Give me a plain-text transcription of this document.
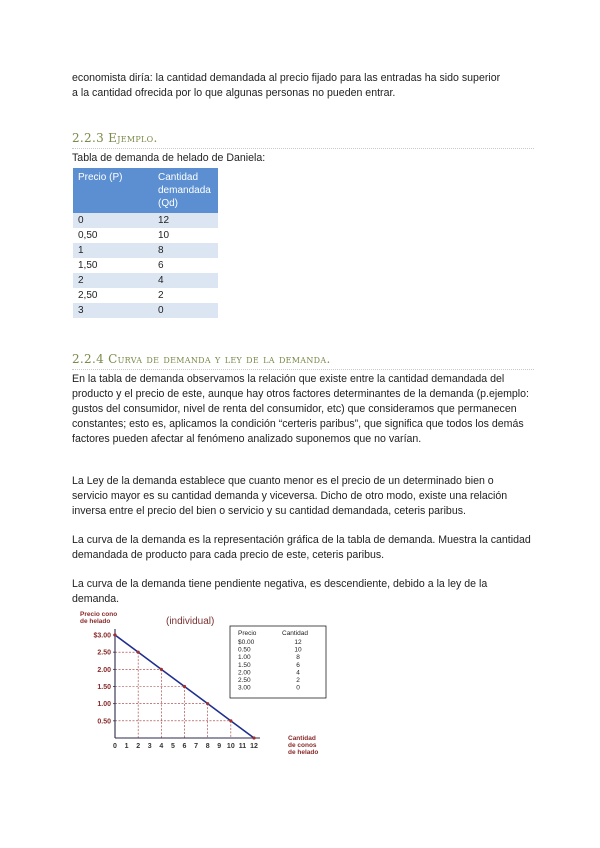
economista diría: la cantidad demandada al precio fijado para las entradas ha sido superior
a la cantidad ofrecida por lo que algunas personas no pueden entrar.
2.2.3 Ejemplo.
Tabla de demanda de helado de Daniela:
Precio (P)	Cantidad
demandada
(Qd)

0	12
0,50	10
1	8
1,50	6
2	4
2,50	2
3	0
2.2.4 Curva de demanda y ley de la demanda.
En la tabla de demanda observamos la relación que existe entre la cantidad demandada del producto y el precio de este, aunque hay otros factores determinantes de la demanda (p.ejemplo: gustos del consumidor, nivel de renta del consumidor, etc) que consideramos que permanecen constantes; esto es, aplicamos la condición “certeris paribus”, que significa que todos los demás factores pueden afectar al fenómeno analizado suponemos que no varían.
La Ley de la demanda establece que cuanto menor es el precio de un determinado bien o servicio mayor es su cantidad demanda y viceversa. Dicho de otro modo, existe una relación inversa entre el precio del bien o servicio y su cantidad demandada, ceteris paribus.
La curva de la demanda es la representación gráfica de la tabla de demanda. Muestra la cantidad demandada de producto para cada precio de este, ceteris paribus.
La curva de la demanda tiene pendiente negativa, es descendiente, debido a la ley de la demanda.
Precio cono
de helado	(individual)
Cantidad
de conos
de helado
$3.00
2.50
2.00
1.50
1.00
0.50
0 1 2 3 4 5 6 7 8 9 10 11 12
Precio	Cantidad
$0.00	12
0.50	10
1.00	8
1.50	6
2.00	4
2.50	2
3.00	0
